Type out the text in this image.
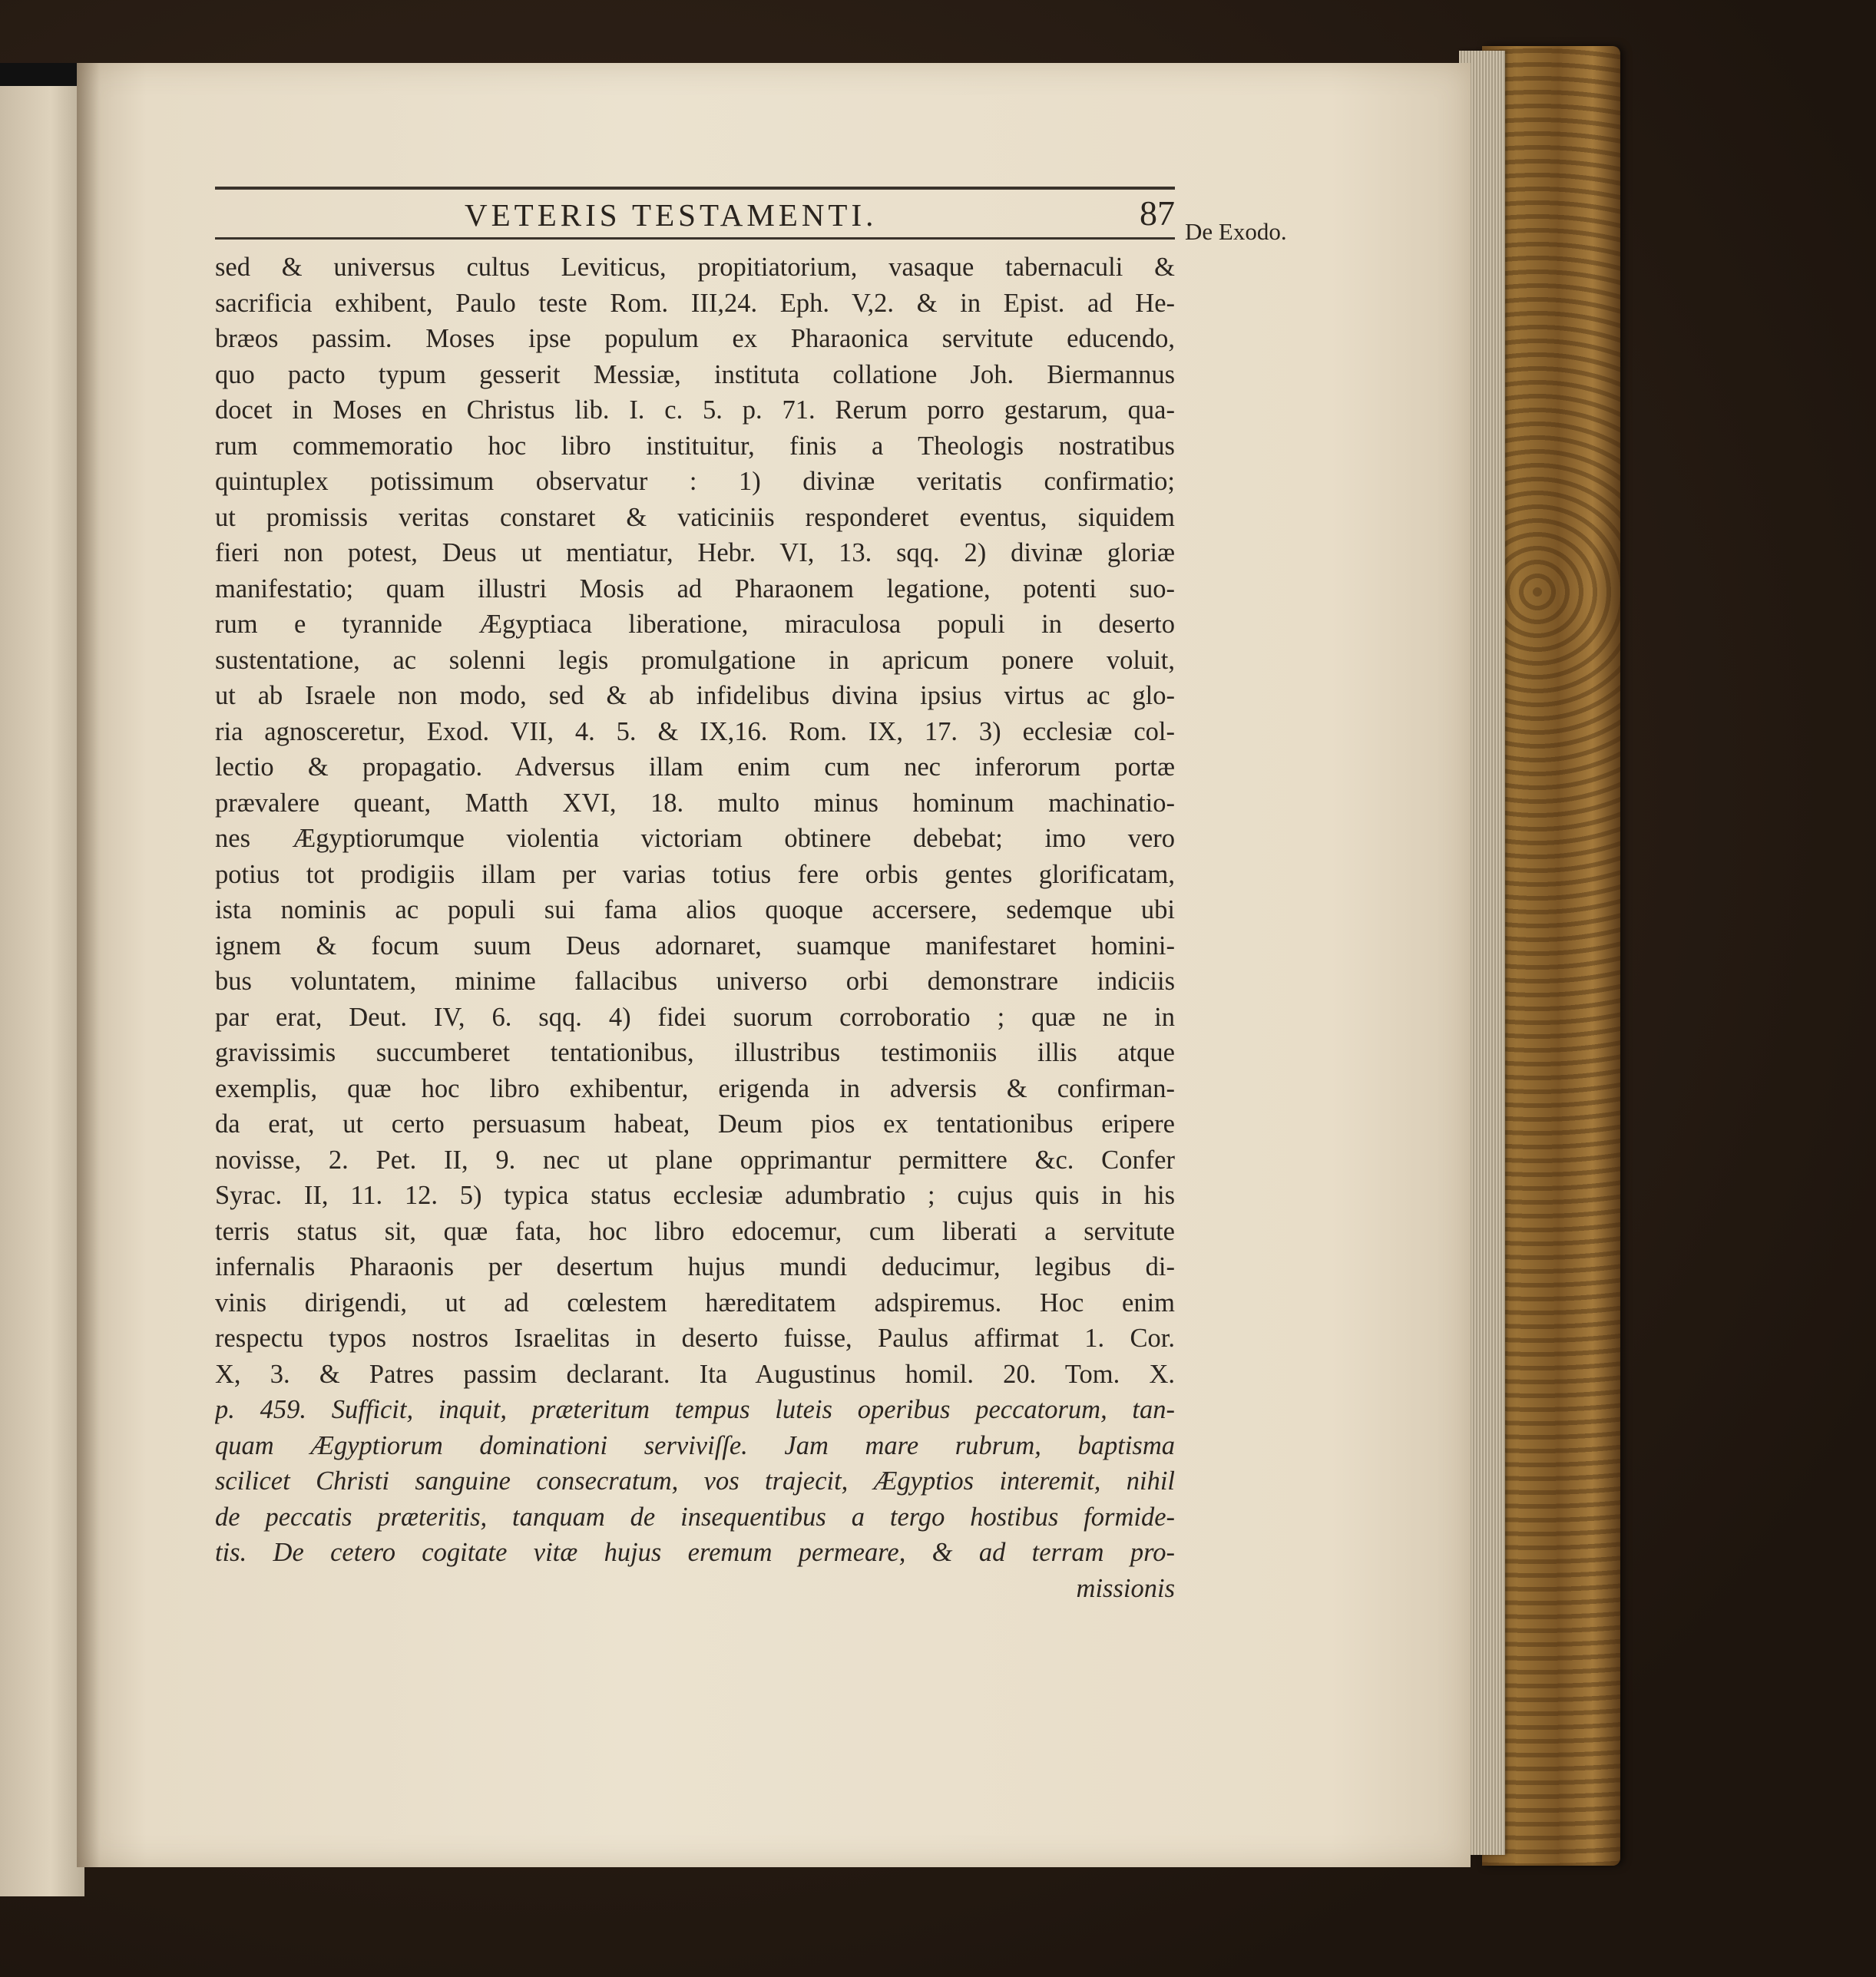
VETERIS TESTAMENTI.	87 De Exodo.
sed & universus cultus Leviticus, propitiatorium, vasaque tabernaculi &
sacrificia exhibent, Paulo teste Rom. III,24. Eph. V,2. & in Epist. ad He-
bræos passim. Moses ipse populum ex Pharaonica servitute educendo,
quo pacto typum gesserit Messiæ, instituta collatione Joh. Biermannus
docet in Moses en Christus lib. I. c. 5. p. 71. Rerum porro gestarum, qua-
rum commemoratio hoc libro instituitur, finis a Theologis nostratibus
quintuplex potissimum observatur : 1) divinæ veritatis confirmatio;
ut promissis veritas constaret & vaticiniis responderet eventus, siquidem
fieri non potest, Deus ut mentiatur, Hebr. VI, 13. sqq. 2) divinæ gloriæ
manifestatio; quam illustri Mosis ad Pharaonem legatione, potenti suo-
rum e tyrannide Ægyptiaca liberatione, miraculosa populi in deserto
sustentatione, ac solenni legis promulgatione in apricum ponere voluit,
ut ab Israele non modo, sed & ab infidelibus divina ipsius virtus ac glo-
ria agnosceretur, Exod. VII, 4. 5. & IX,16. Rom. IX, 17. 3) ecclesiæ col-
lectio & propagatio. Adversus illam enim cum nec inferorum portæ
prævalere queant, Matth XVI, 18. multo minus hominum machinatio-
nes Ægyptiorumque violentia victoriam obtinere debebat; imo vero
potius tot prodigiis illam per varias totius fere orbis gentes glorificatam,
ista nominis ac populi sui fama alios quoque accersere, sedemque ubi
ignem & focum suum Deus adornaret, suamque manifestaret homini-
bus voluntatem, minime fallacibus universo orbi demonstrare indiciis
par erat, Deut. IV, 6. sqq. 4) fidei suorum corroboratio ; quæ ne in
gravissimis succumberet tentationibus, illustribus testimoniis illis atque
exemplis, quæ hoc libro exhibentur, erigenda in adversis & confirman-
da erat, ut certo persuasum habeat, Deum pios ex tentationibus eripere
novisse, 2. Pet. II, 9. nec ut plane opprimantur permittere &c. Confer
Syrac. II, 11. 12. 5) typica status ecclesiæ adumbratio ; cujus quis in his
terris status sit, quæ fata, hoc libro edocemur, cum liberati a servitute
infernalis Pharaonis per desertum hujus mundi deducimur, legibus di-
vinis dirigendi, ut ad cœlestem hæreditatem adspiremus. Hoc enim
respectu typos nostros Israelitas in deserto fuisse, Paulus affirmat 1. Cor.
X, 3. & Patres passim declarant. Ita Augustinus homil. 20. Tom. X.
p. 459. Sufficit, inquit, præteritum tempus luteis operibus peccatorum, tan-
quam Ægyptiorum dominationi serviviſſe. Jam mare rubrum, baptisma
scilicet Christi sanguine consecratum, vos trajecit, Ægyptios interemit, nihil
de peccatis præteritis, tanquam de insequentibus a tergo hostibus formide-
tis. De cetero cogitate vitæ hujus eremum permeare, & ad terram pro-
missionis
